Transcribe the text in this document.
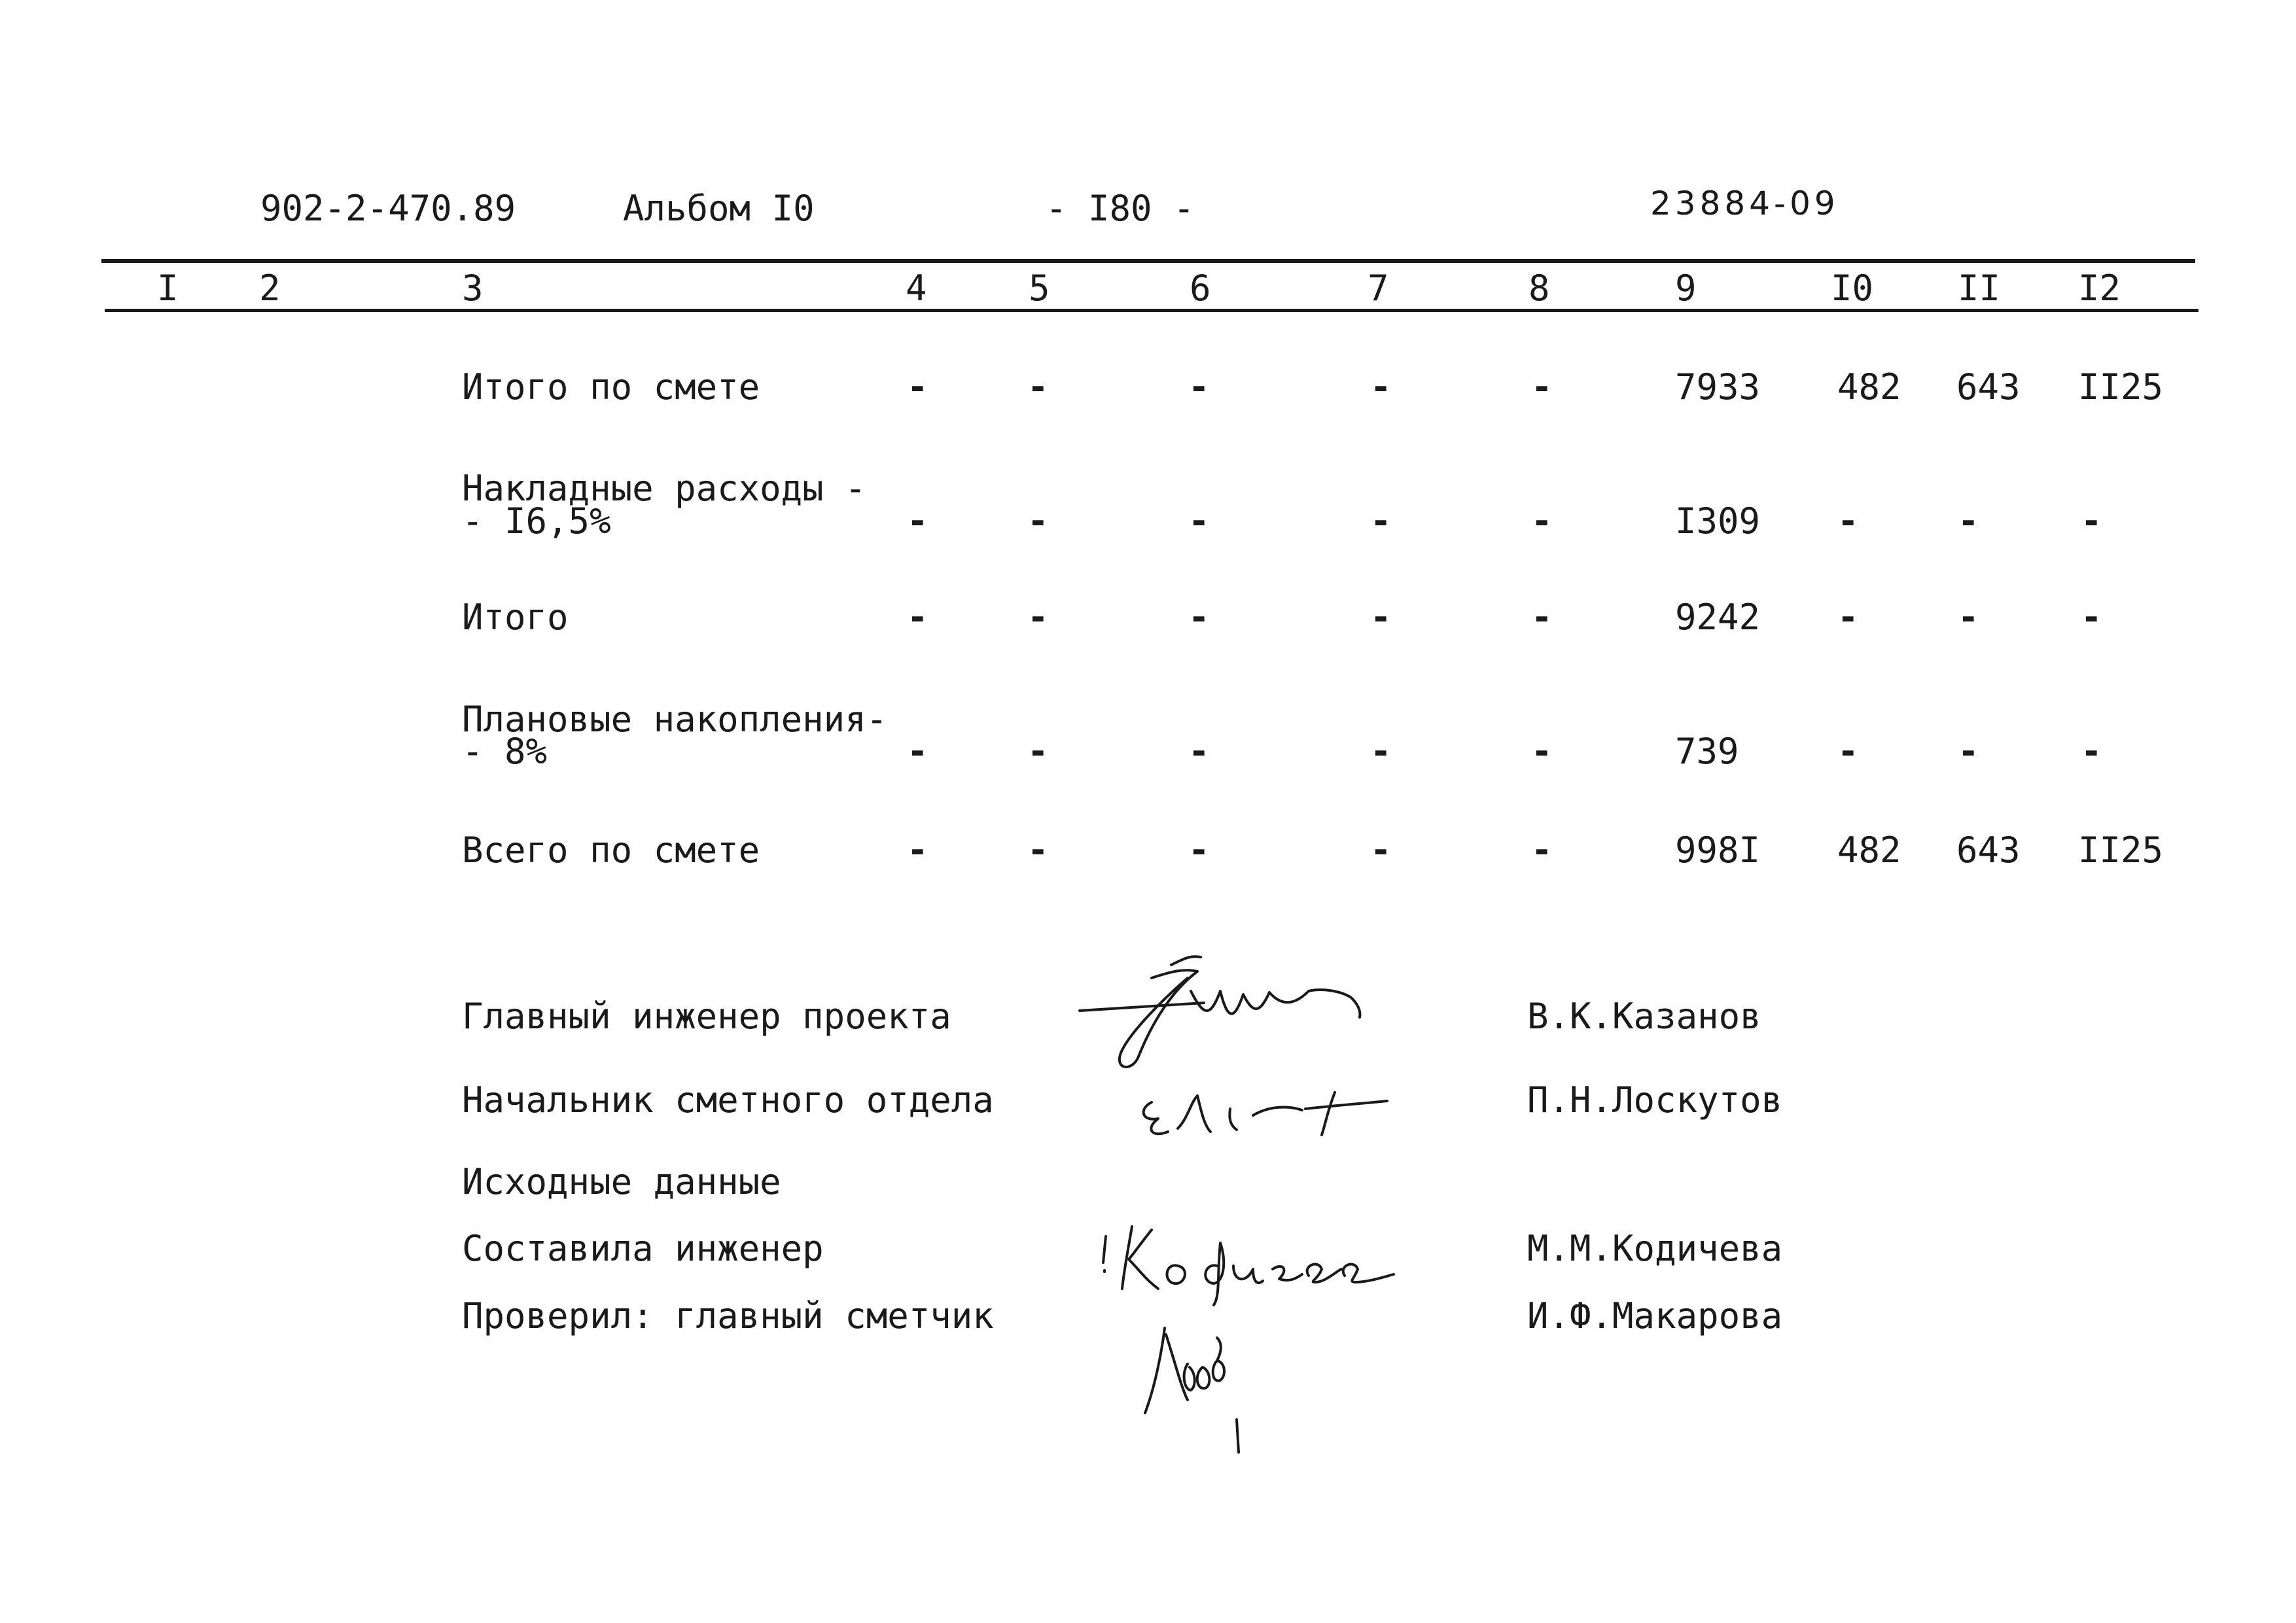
902-2-470.89	Альбом I0	- I80 -	23884-09
I 2	3	4	5	6	7	8	9	I0 II I2
Итого по смете	-	-	-	-	-	7933 482 643 II25
Накладные расходы -
- I6,5%	-	-	-	-	-	I309 -	-	-
Итого	-	-	-	-	-	9242 -	-	-
Плановые накопления-
- 8%	-	-	-	-	-	739	-	-	-
Всего по смете	-	-	-	-	-	998I 482 643 II25
Главный инженер проекта	В.К.Казанов
Начальник сметного отдела	П.Н.Лоскутов
Исходные данные
Составила инженер	М.М.Кодичева
Проверил: главный сметчик	И.Ф.Макарова
